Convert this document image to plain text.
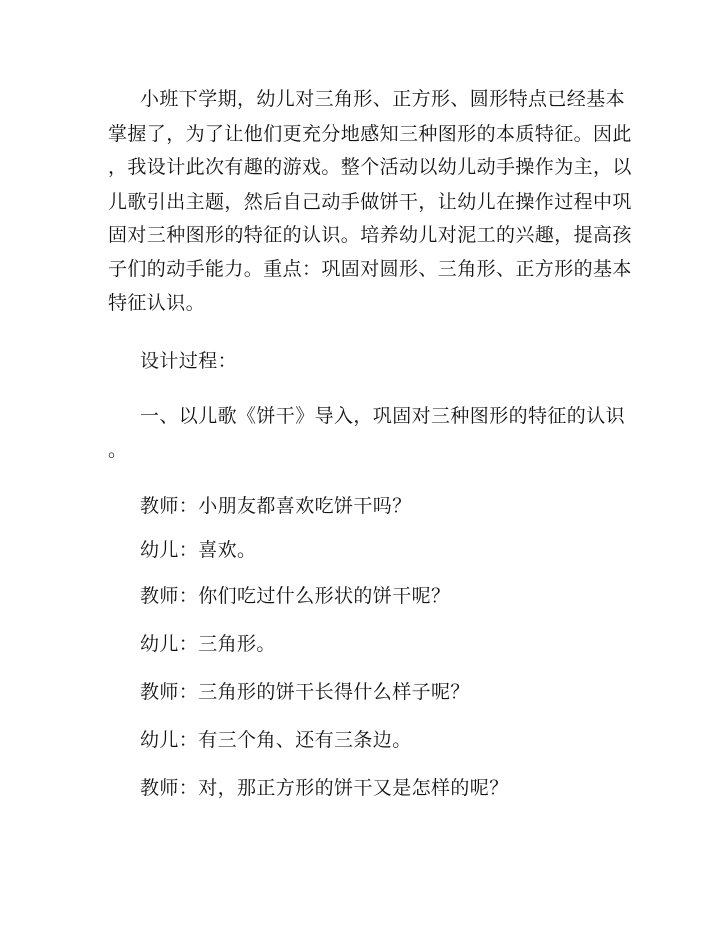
小班下学期，幼儿对三角形、正方形、圆形特点已经基本
掌握了，为了让他们更充分地感知三种图形的本质特征。因此
，我设计此次有趣的游戏。整个活动以幼儿动手操作为主，以
儿歌引出主题，然后自己动手做饼干，让幼儿在操作过程中巩
固对三种图形的特征的认识。培养幼儿对泥工的兴趣，提高孩
子们的动手能力。重点：巩固对圆形、三角形、正方形的基本
特征认识。
设计过程：
一、以儿歌《饼干》导入，巩固对三种图形的特征的认识
。
教师：小朋友都喜欢吃饼干吗？
幼儿：喜欢。
教师：你们吃过什么形状的饼干呢？
幼儿：三角形。
教师：三角形的饼干长得什么样子呢？
幼儿：有三个角、还有三条边。
教师：对，那正方形的饼干又是怎样的呢？
